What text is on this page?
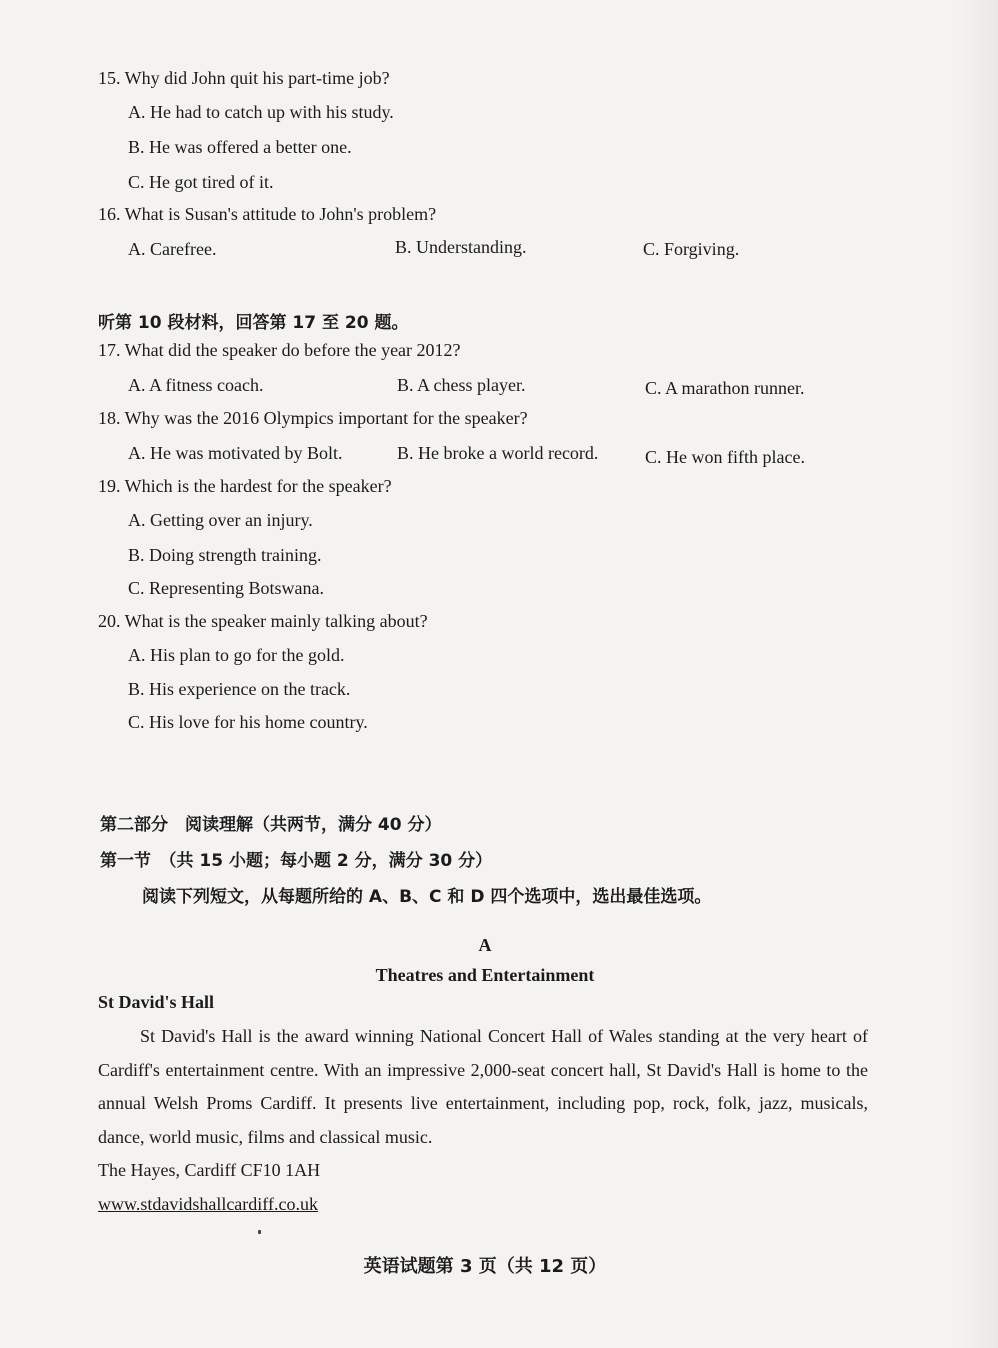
15. Why did John quit his part-time job?
A. He had to catch up with his study.
B. He was offered a better one.
C. He got tired of it.
16. What is Susan's attitude to John's problem?
A. Carefree.	B. Understanding.	C. Forgiving.
听第 10 段材料，回答第 17 至 20 题。
17. What did the speaker do before the year 2012?
A. A fitness coach.	B. A chess player.	C. A marathon runner.
18. Why was the 2016 Olympics important for the speaker?
A. He was motivated by Bolt.	B. He broke a world record.	C. He won fifth place.
19. Which is the hardest for the speaker?
A. Getting over an injury.
B. Doing strength training.
C. Representing Botswana.
20. What is the speaker mainly talking about?
A. His plan to go for the gold.
B. His experience on the track.
C. His love for his home country.
第二部分　阅读理解（共两节，满分 40 分）
第一节　（共 15 小题；每小题 2 分，满分 30 分）
阅读下列短文，从每题所给的 A、B、C 和 D 四个选项中，选出最佳选项。
A
Theatres and Entertainment
St David's Hall
St David's Hall is the award winning National Concert Hall of Wales standing at the very heart of Cardiff's entertainment centre. With an impressive 2,000-seat concert hall, St David's Hall is home to the annual Welsh Proms Cardiff. It presents live entertainment, including pop, rock, folk, jazz, musicals, dance, world music, films and classical music.
The Hayes, Cardiff CF10 1AH
www.stdavidshallcardiff.co.uk
英语试题第 3 页（共 12 页）
